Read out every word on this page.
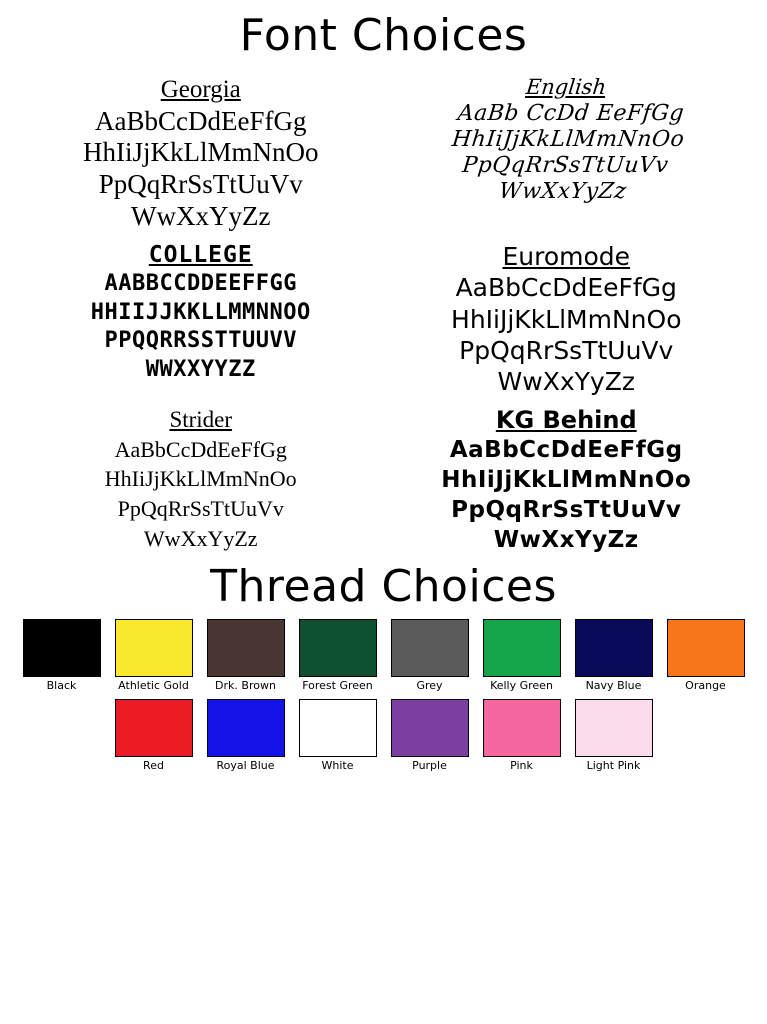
Font Choices
Georgia
AaBbCcDdEeFfGg
HhIiJjKkLlMmNnOo
PpQqRrSsTtUuVv
WwXxYyZz
English
AaBb CcDd EeFfGg
HhIiJjKkLlMmNnOo
PpQqRrSsTtUuVv
WwXxYyZz
COLLEGE
AABBCCDDEEFFGG
HHIIJJKKLLMMNNOO
PPQQRRSSTTUUVV
WWXXYYZZ
Euromode
AaBbCcDdEeFfGg
HhIiJjKkLlMmNnOo
PpQqRrSsTtUuVv
WwXxYyZz
Strider
AaBbCcDdEeFfGg
HhIiJjKkLlMmNnOo
PpQqRrSsTtUuVv
WwXxYyZz
KG Behind
AaBbCcDdEeFfGg
HhIiJjKkLlMmNnOo
PpQqRrSsTtUuVv
WwXxYyZz
Thread Choices
Black	Athletic Gold	Drk. Brown	Forest Green	Grey	Kelly Green	Navy Blue	Orange
Red	Royal Blue	White	Purple	Pink	Light Pink
